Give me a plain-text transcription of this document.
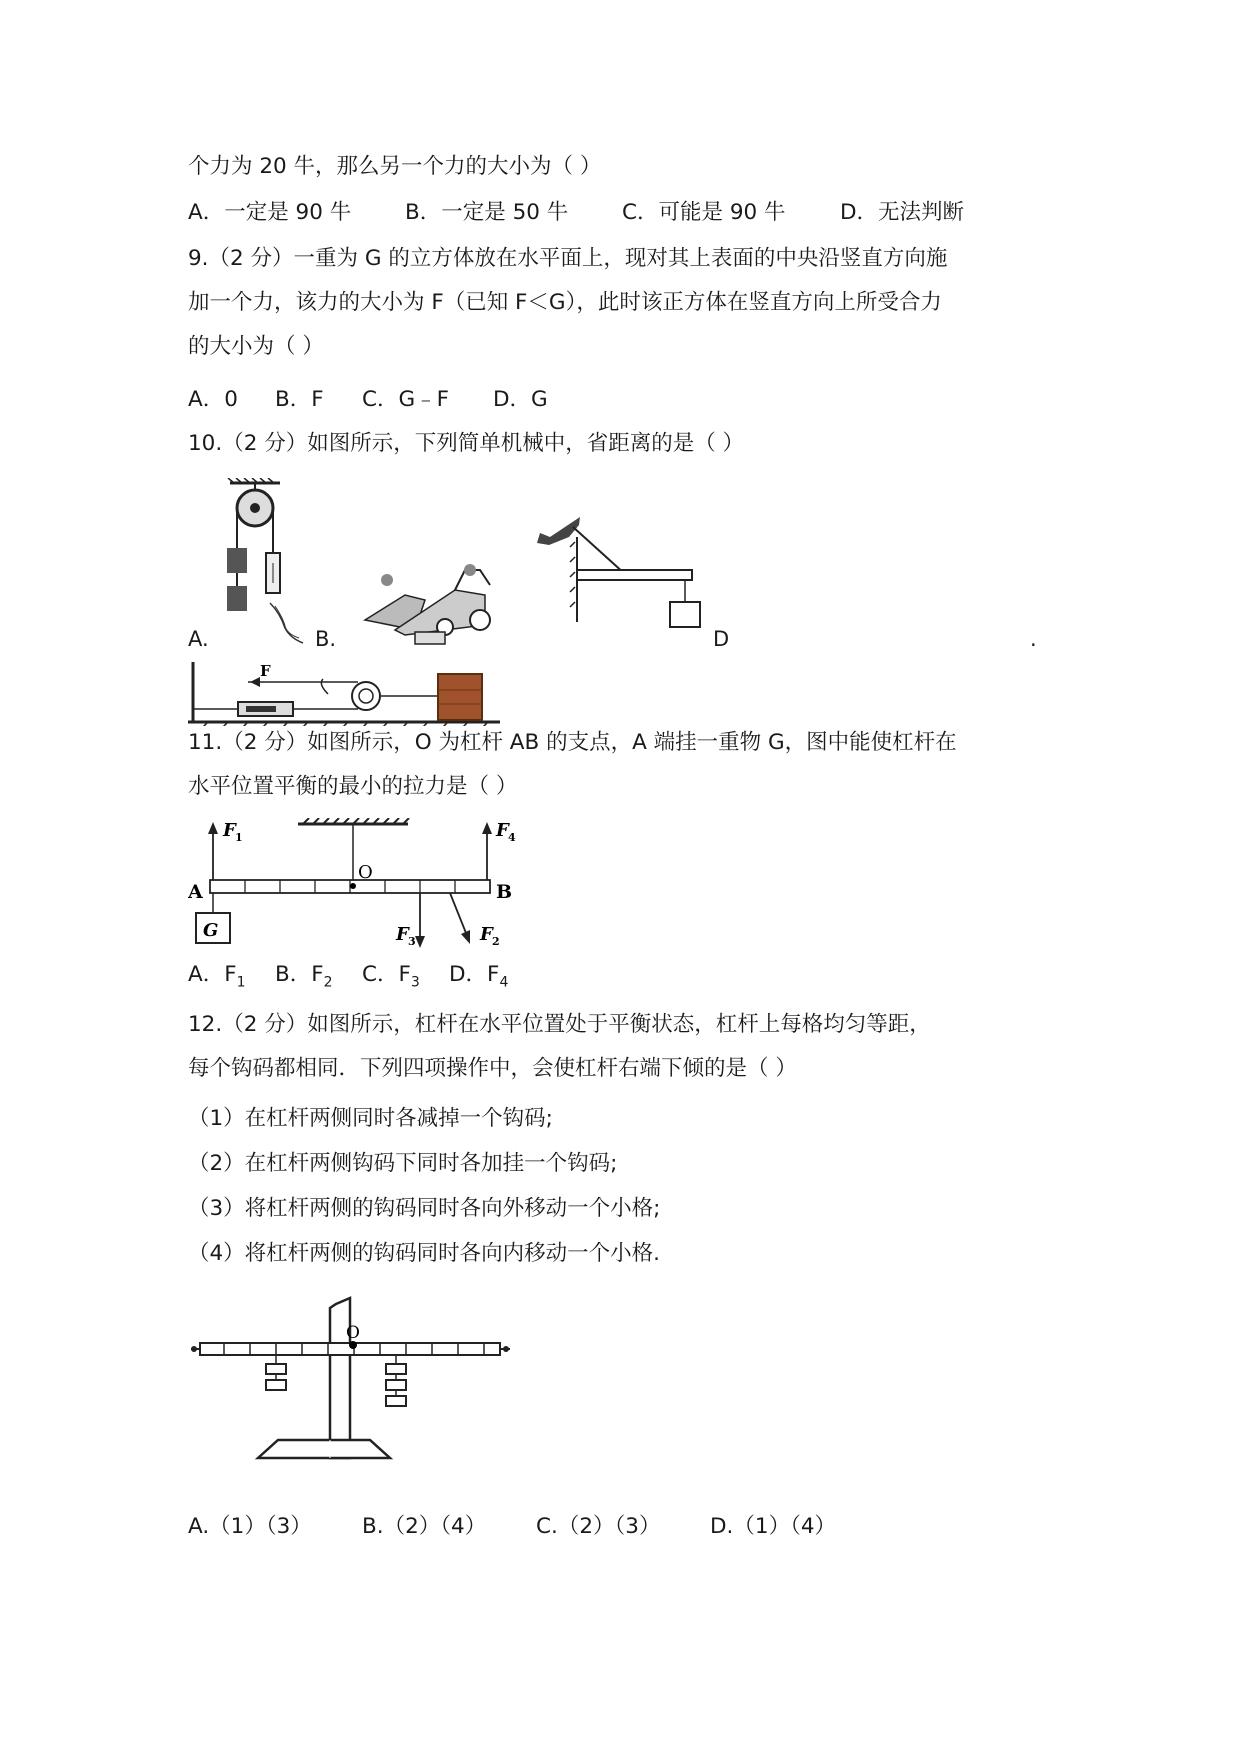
个力为 20 牛，那么另一个力的大小为（ ）
A．一定是 90 牛	B．一定是 50 牛 C．可能是 90 牛	D．无法判断
9.（2 分）一重为 G 的立方体放在水平面上，现对其上表面的中央沿竖直方向施
加一个力，该力的大小为 F（已知 F＜G），此时该正方体在竖直方向上所受合力
的大小为（ ）
A．0 B．F C．G﹣F D．G
10.（2 分）如图所示，下列简单机械中，省距离的是（ ）
A.	B.	D	.
F
11.（2 分）如图所示，O 为杠杆 AB 的支点，A 端挂一重物 G，图中能使杠杆在
水平位置平衡的最小的拉力是（ ）
A	B
O
G
F 1	F 4
F 3	F 2
A．$F_1$ B．$F_2$ C．$F_3$ D．$F_4$
12.（2 分）如图所示，杠杆在水平位置处于平衡状态，杠杆上每格均匀等距，
每个钩码都相同．下列四项操作中，会使杠杆右端下倾的是（ ）
（1）在杠杆两侧同时各减掉一个钩码;
（2）在杠杆两侧钩码下同时各加挂一个钩码;
（3）将杠杆两侧的钩码同时各向外移动一个小格;
（4）将杠杆两侧的钩码同时各向内移动一个小格.
O
A.（1）（3） B.（2）（4） C.（2）（3） D.（1）（4）
